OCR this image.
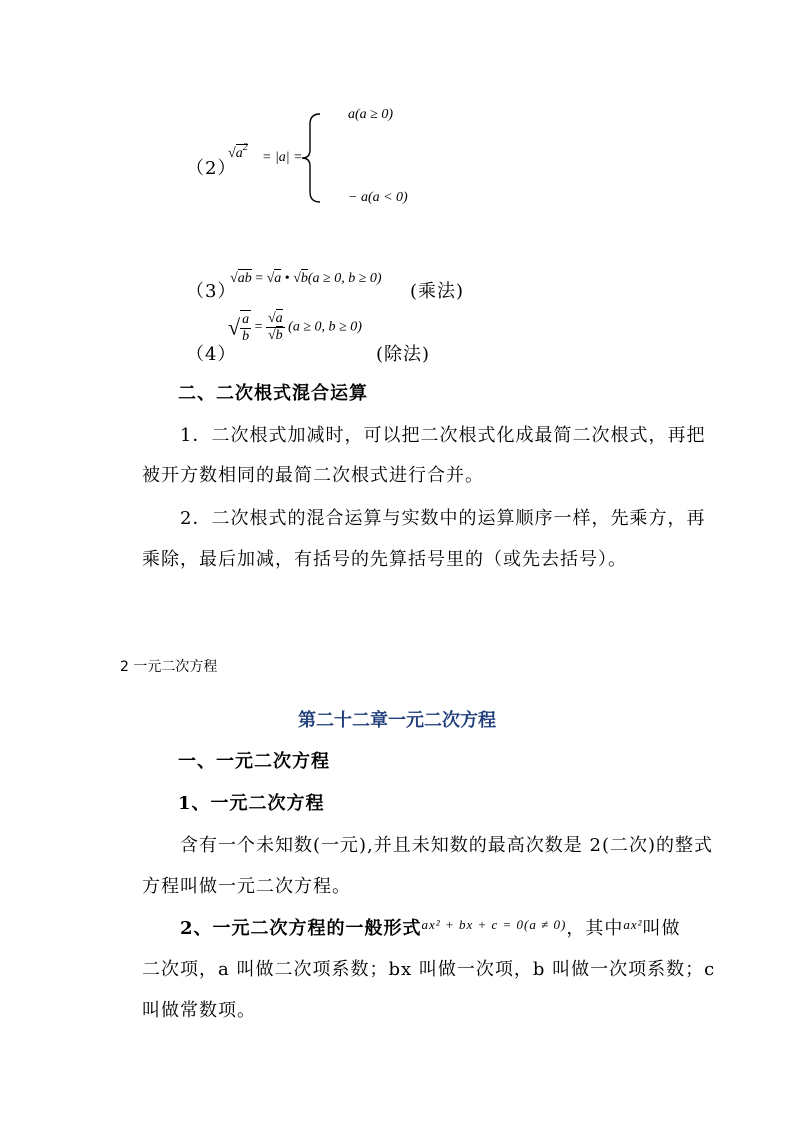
（2）
$√a^2$
= |a| =
a(a ≥ 0)
− a(a < 0)
（3）
√ab = √a • √b(a ≥ 0, b ≥ 0)
(乘法)
（4）
√ $\frac{a}{b} = \frac{√a}{√b} (a \ge 0$, b ≥ 0)
(除法)
二、二次根式混合运算
1．二次根式加减时，可以把二次根式化成最简二次根式，再把
被开方数相同的最简二次根式进行合并。
2．二次根式的混合运算与实数中的运算顺序一样，先乘方，再
乘除，最后加减，有括号的先算括号里的（或先去括号）。
2 一元二次方程
第二十二章一元二次方程
一、一元二次方程
1、一元二次方程
含有一个未知数(一元),并且未知数的最高次数是 2(二次)的整式
方程叫做一元二次方程。
2、一元二次方程的一般形式$^{ax^2 + bx + c = 0(a \ne 0)}$，其中$^{ax^2}$叫做
二次项，a 叫做二次项系数；bx 叫做一次项，b 叫做一次项系数；c
叫做常数项。
